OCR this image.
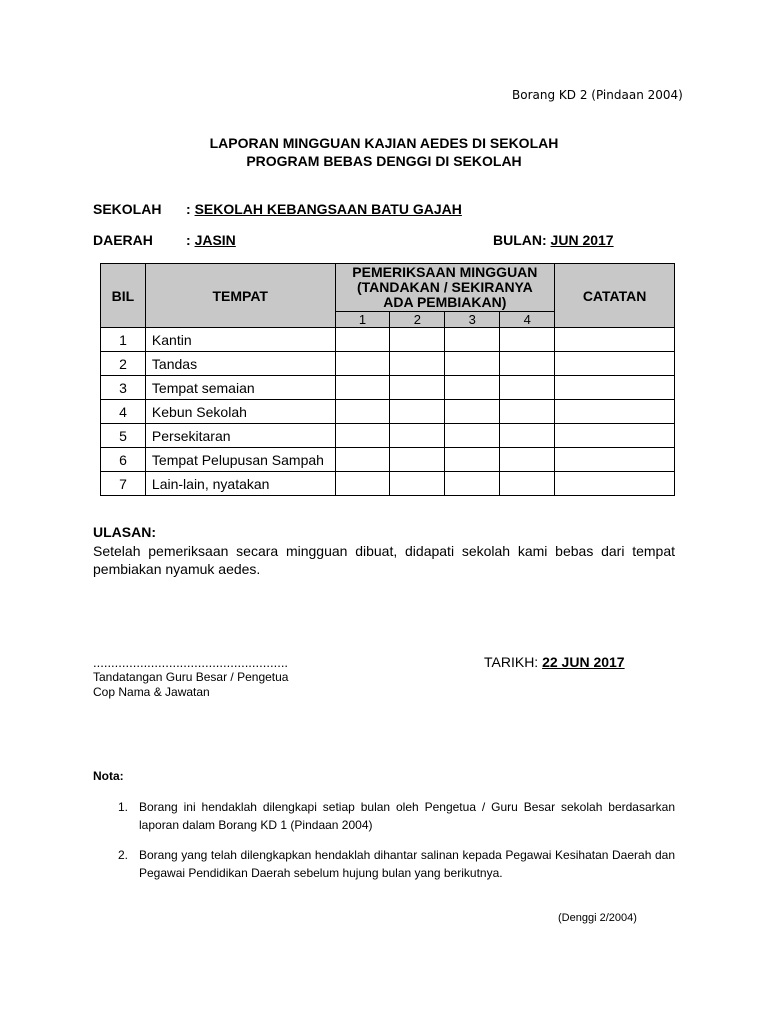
Borang KD 2 (Pindaan 2004)
LAPORAN MINGGUAN KAJIAN AEDES DI SEKOLAH
PROGRAM BEBAS DENGGI DI SEKOLAH
SEKOLAH : SEKOLAH KEBANGSAAN BATU GAJAH
DAERAH : JASIN	BULAN: JUN 2017
BIL	TEMPAT	PEMERIKSAAN MINGGUAN
(TANDAKAN / SEKIRANYA
ADA PEMBIAKAN)				CATATAN
		1	2	3	4	
1	Kantin					
2	Tandas					
3	Tempat semaian					
4	Kebun Sekolah					
5	Persekitaran					
6	Tempat Pelupusan Sampah					
7	Lain-lain, nyatakan					
ULASAN:
Setelah pemeriksaan secara mingguan dibuat, didapati sekolah kami bebas dari tempat pembiakan nyamuk aedes.
......................................................
Tandatangan Guru Besar / Pengetua
Cop Nama & Jawatan
TARIKH: 22 JUN 2017
Nota:
1. Borang ini hendaklah dilengkapi setiap bulan oleh Pengetua / Guru Besar sekolah berdasarkan laporan dalam Borang KD 1 (Pindaan 2004)
2. Borang yang telah dilengkapkan hendaklah dihantar salinan kepada Pegawai Kesihatan Daerah dan Pegawai Pendidikan Daerah sebelum hujung bulan yang berikutnya.
(Denggi 2/2004)
